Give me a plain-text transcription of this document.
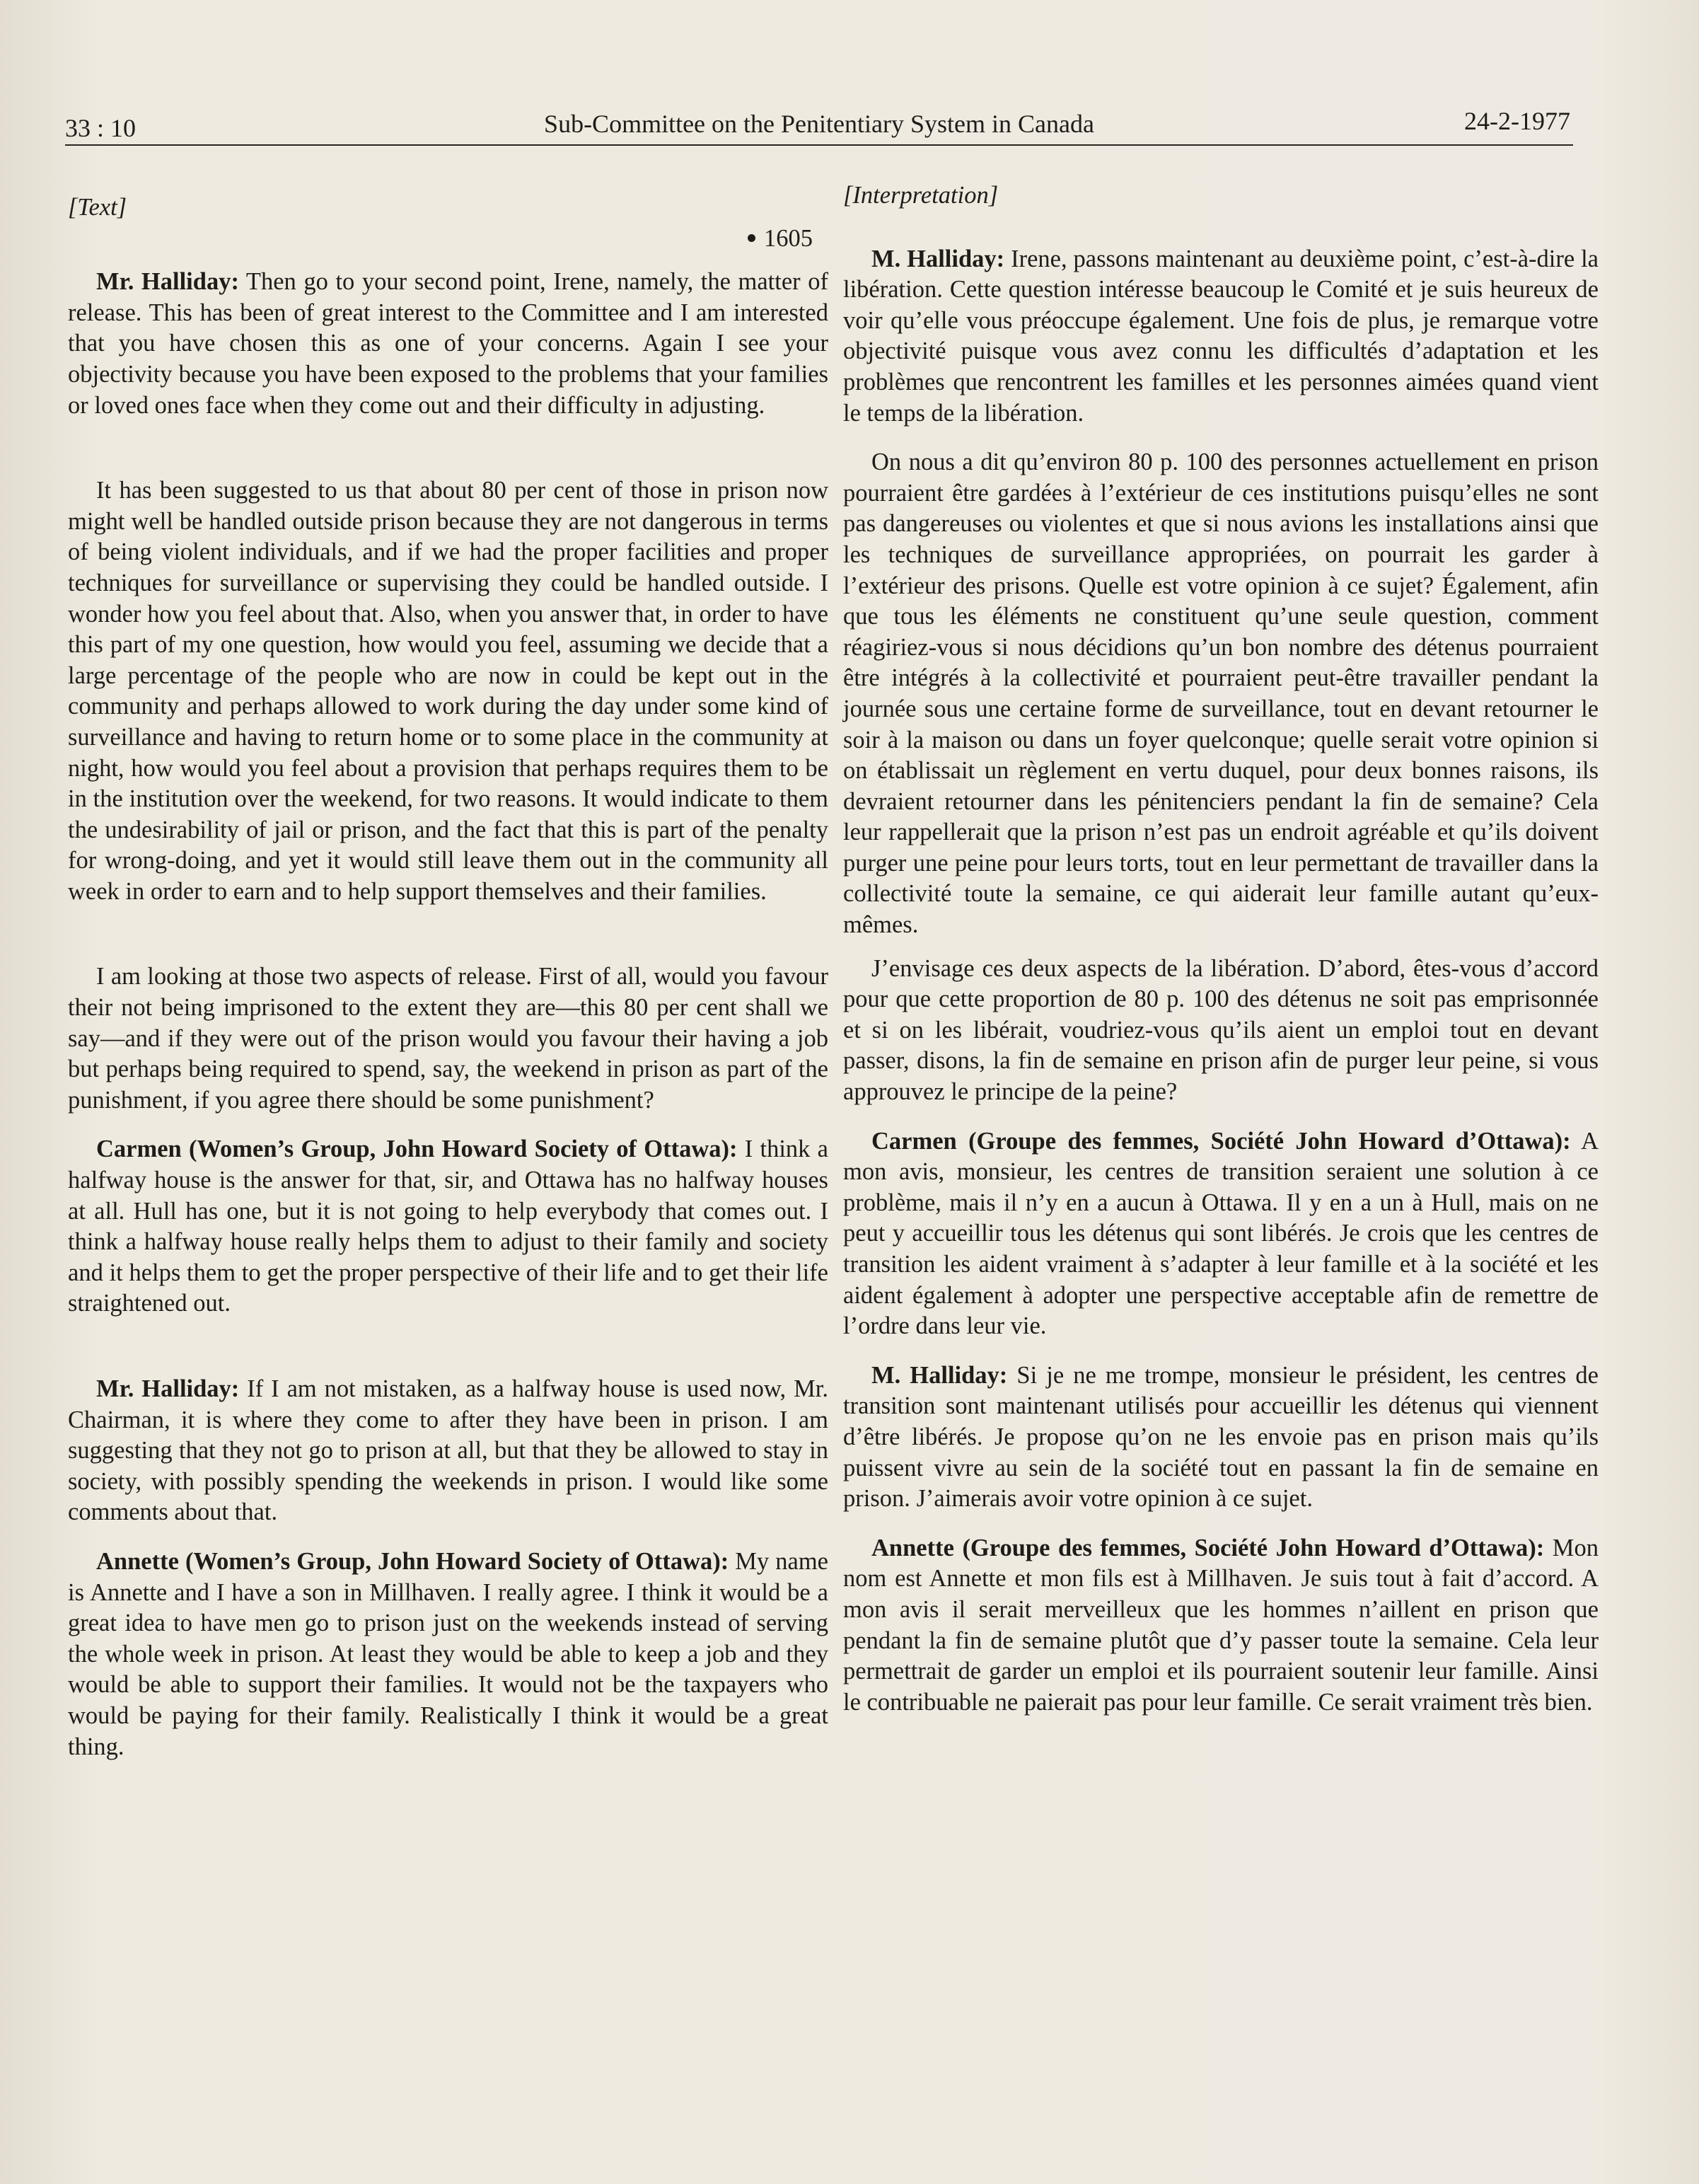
33 : 10	Sub-Committee on the Penitentiary System in Canada	24-2-1977

[Text]

1605

Mr. Halliday: Then go to your second point, Irene, namely, the matter of release. This has been of great interest to the Committee and I am interested that you have chosen this as one of your concerns. Again I see your objectivity because you have been exposed to the problems that your families or loved ones face when they come out and their difficulty in adjusting.

It has been suggested to us that about 80 per cent of those in prison now might well be handled outside prison because they are not dangerous in terms of being violent individuals, and if we had the proper facilities and proper techniques for surveillance or supervising they could be handled outside. I wonder how you feel about that. Also, when you answer that, in order to have this part of my one question, how would you feel, assuming we decide that a large percentage of the people who are now in could be kept out in the community and perhaps allowed to work during the day under some kind of surveillance and having to return home or to some place in the community at night, how would you feel about a provision that perhaps requires them to be in the institution over the weekend, for two reasons. It would indicate to them the undesirability of jail or prison, and the fact that this is part of the penalty for wrong-doing, and yet it would still leave them out in the community all week in order to earn and to help support themselves and their families.

I am looking at those two aspects of release. First of all, would you favour their not being imprisoned to the extent they are—this 80 per cent shall we say—and if they were out of the prison would you favour their having a job but perhaps being required to spend, say, the weekend in prison as part of the punishment, if you agree there should be some punishment?

Carmen (Women’s Group, John Howard Society of Ottawa): I think a halfway house is the answer for that, sir, and Ottawa has no halfway houses at all. Hull has one, but it is not going to help everybody that comes out. I think a halfway house really helps them to adjust to their family and society and it helps them to get the proper perspective of their life and to get their life straightened out.

Mr. Halliday: If I am not mistaken, as a halfway house is used now, Mr. Chairman, it is where they come to after they have been in prison. I am suggesting that they not go to prison at all, but that they be allowed to stay in society, with possibly spending the weekends in prison. I would like some comments about that.

Annette (Women’s Group, John Howard Society of Ottawa): My name is Annette and I have a son in Millhaven. I really agree. I think it would be a great idea to have men go to prison just on the weekends instead of serving the whole week in prison. At least they would be able to keep a job and they would be able to support their families. It would not be the taxpayers who would be paying for their family. Realistically I think it would be a great thing.

[Interpretation]

M. Halliday: Irene, passons maintenant au deuxième point, c’est-à-dire la libération. Cette question intéresse beaucoup le Comité et je suis heureux de voir qu’elle vous préoccupe également. Une fois de plus, je remarque votre objectivité puisque vous avez connu les difficultés d’adaptation et les problèmes que rencontrent les familles et les personnes aimées quand vient le temps de la libération.

On nous a dit qu’environ 80 p. 100 des personnes actuellement en prison pourraient être gardées à l’extérieur de ces institutions puisqu’elles ne sont pas dangereuses ou violentes et que si nous avions les installations ainsi que les techniques de surveillance appropriées, on pourrait les garder à l’extérieur des prisons. Quelle est votre opinion à ce sujet? Également, afin que tous les éléments ne constituent qu’une seule question, comment réagiriez-vous si nous décidions qu’un bon nombre des détenus pourraient être intégrés à la collectivité et pourraient peut-être travailler pendant la journée sous une certaine forme de surveillance, tout en devant retourner le soir à la maison ou dans un foyer quelconque; quelle serait votre opinion si on établissait un règlement en vertu duquel, pour deux bonnes raisons, ils devraient retourner dans les pénitenciers pendant la fin de semaine? Cela leur rappellerait que la prison n’est pas un endroit agréable et qu’ils doivent purger une peine pour leurs torts, tout en leur permettant de travailler dans la collectivité toute la semaine, ce qui aiderait leur famille autant qu’eux-mêmes.

J’envisage ces deux aspects de la libération. D’abord, êtes-vous d’accord pour que cette proportion de 80 p. 100 des détenus ne soit pas emprisonnée et si on les libérait, voudriez-vous qu’ils aient un emploi tout en devant passer, disons, la fin de semaine en prison afin de purger leur peine, si vous approuvez le principe de la peine?

Carmen (Groupe des femmes, Société John Howard d’Ottawa): A mon avis, monsieur, les centres de transition seraient une solution à ce problème, mais il n’y en a aucun à Ottawa. Il y en a un à Hull, mais on ne peut y accueillir tous les détenus qui sont libérés. Je crois que les centres de transition les aident vraiment à s’adapter à leur famille et à la société et les aident également à adopter une perspective acceptable afin de remettre de l’ordre dans leur vie.

M. Halliday: Si je ne me trompe, monsieur le président, les centres de transition sont maintenant utilisés pour accueillir les détenus qui viennent d’être libérés. Je propose qu’on ne les envoie pas en prison mais qu’ils puissent vivre au sein de la société tout en passant la fin de semaine en prison. J’aimerais avoir votre opinion à ce sujet.

Annette (Groupe des femmes, Société John Howard d’Ottawa): Mon nom est Annette et mon fils est à Millhaven. Je suis tout à fait d’accord. A mon avis il serait merveilleux que les hommes n’aillent en prison que pendant la fin de semaine plutôt que d’y passer toute la semaine. Cela leur permettrait de garder un emploi et ils pourraient soutenir leur famille. Ainsi le contribuable ne paierait pas pour leur famille. Ce serait vraiment très bien.
